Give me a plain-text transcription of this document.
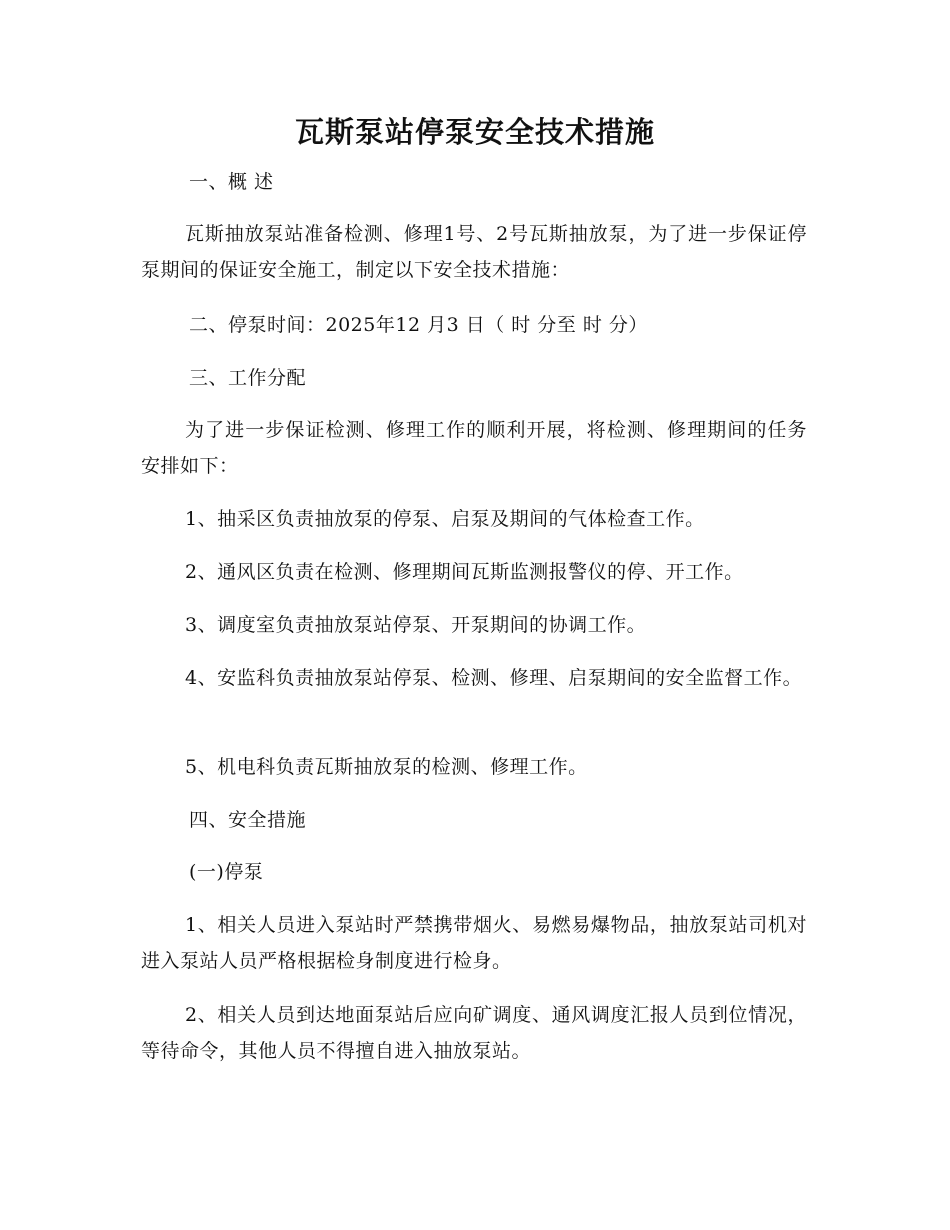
瓦斯泵站停泵安全技术措施
一、概 述
瓦斯抽放泵站准备检测、修理1号、2号瓦斯抽放泵，为了进一步保证停泵期间的保证安全施工，制定以下安全技术措施：
二、停泵时间：2025年12 月3 日（ 时 分至 时 分）
三、工作分配
为了进一步保证检测、修理工作的顺利开展，将检测、修理期间的任务安排如下：
1、抽采区负责抽放泵的停泵、启泵及期间的气体检查工作。
2、通风区负责在检测、修理期间瓦斯监测报警仪的停、开工作。
3、调度室负责抽放泵站停泵、开泵期间的协调工作。
4、安监科负责抽放泵站停泵、检测、修理、启泵期间的安全监督工作。
5、机电科负责瓦斯抽放泵的检测、修理工作。
四、安全措施
(一)停泵
1、相关人员进入泵站时严禁携带烟火、易燃易爆物品，抽放泵站司机对进入泵站人员严格根据检身制度进行检身。
2、相关人员到达地面泵站后应向矿调度、通风调度汇报人员到位情况，等待命令，其他人员不得擅自进入抽放泵站。
